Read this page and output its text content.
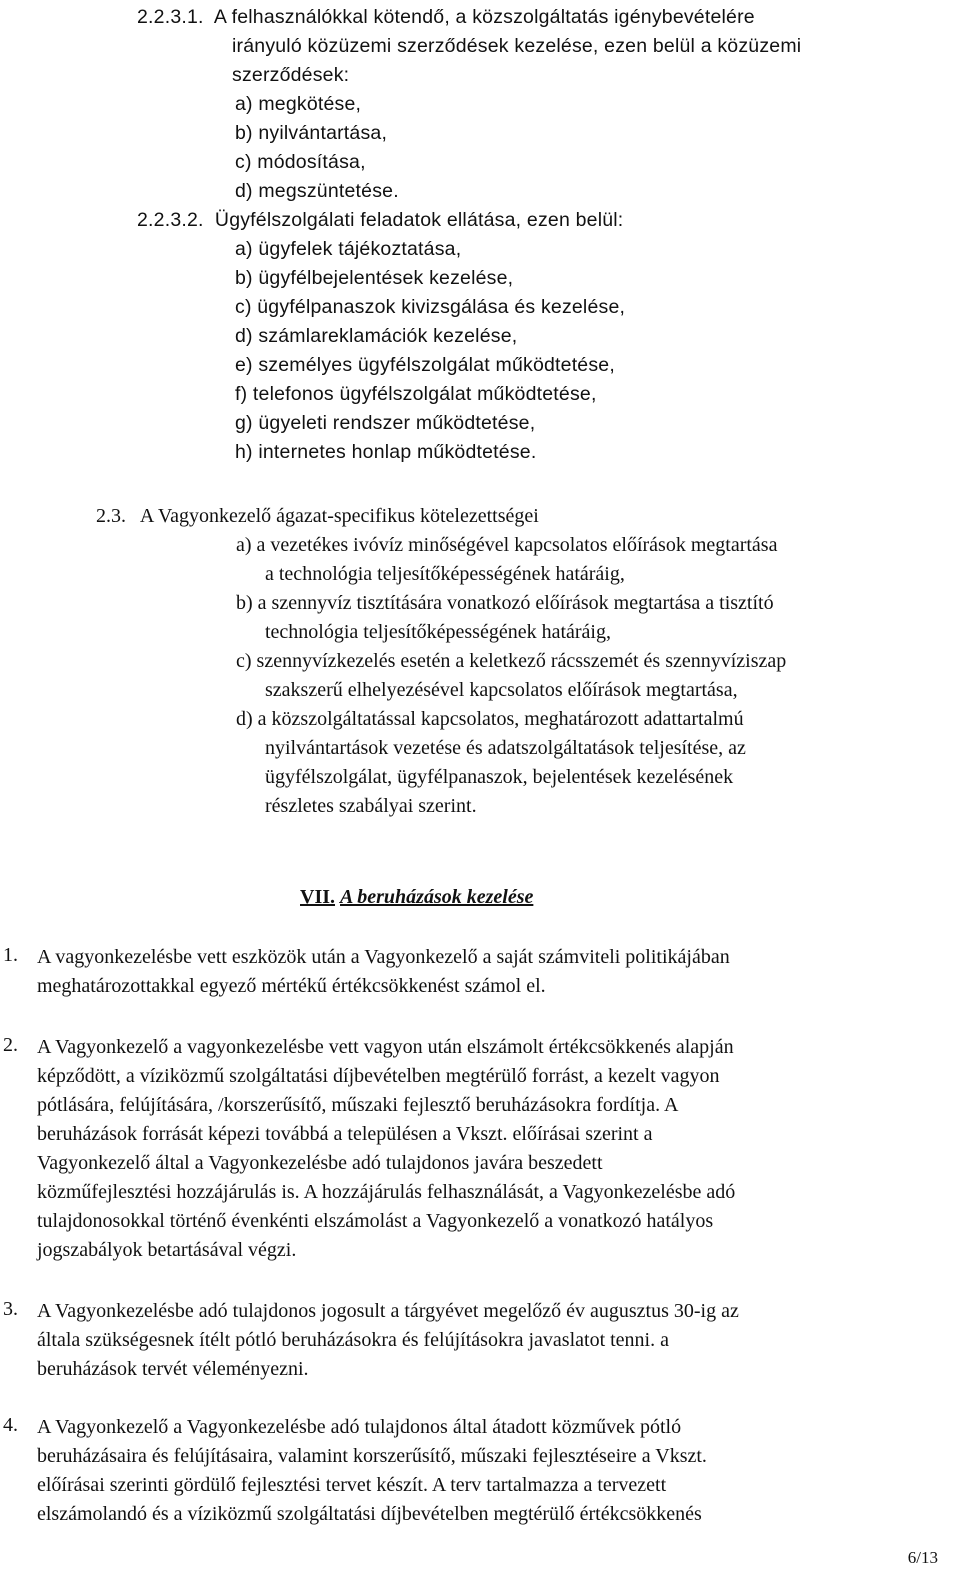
2.2.3.1. A felhasználókkal kötendő, a közszolgáltatás igénybevételére
irányuló közüzemi szerződések kezelése, ezen belül a közüzemi
szerződések:
a) megkötése,
b) nyilvántartása,
c) módosítása,
d) megszüntetése.
2.2.3.2. Ügyfélszolgálati feladatok ellátása, ezen belül:
a) ügyfelek tájékoztatása,
b) ügyfélbejelentések kezelése,
c) ügyfélpanaszok kivizsgálása és kezelése,
d) számlareklamációk kezelése,
e) személyes ügyfélszolgálat működtetése,
f) telefonos ügyfélszolgálat működtetése,
g) ügyeleti rendszer működtetése,
h) internetes honlap működtetése.
2.3. A Vagyonkezelő ágazat-specifikus kötelezettségei
a) a vezetékes ivóvíz minőségével kapcsolatos előírások megtartása
a technológia teljesítőképességének határáig,
b) a szennyvíz tisztítására vonatkozó előírások megtartása a tisztító
technológia teljesítőképességének határáig,
c) szennyvízkezelés esetén a keletkező rácsszemét és szennyvíziszap
szakszerű elhelyezésével kapcsolatos előírások megtartása,
d) a közszolgáltatással kapcsolatos, meghatározott adattartalmú
nyilvántartások vezetése és adatszolgáltatások teljesítése, az
ügyfélszolgálat, ügyfélpanaszok, bejelentések kezelésének
részletes szabályai szerint.
VII. A beruházások kezelése
1. A vagyonkezelésbe vett eszközök után a Vagyonkezelő a saját számviteli politikájában
meghatározottakkal egyező mértékű értékcsökkenést számol el.
2. A Vagyonkezelő a vagyonkezelésbe vett vagyon után elszámolt értékcsökkenés alapján
képződött, a víziközmű szolgáltatási díjbevételben megtérülő forrást, a kezelt vagyon
pótlására, felújítására, /korszerűsítő, műszaki fejlesztő beruházásokra fordítja. A
beruházások forrását képezi továbbá a településen a Vkszt. előírásai szerint a
Vagyonkezelő által a Vagyonkezelésbe adó tulajdonos javára beszedett
közműfejlesztési hozzájárulás is. A hozzájárulás felhasználását, a Vagyonkezelésbe adó
tulajdonosokkal történő évenkénti elszámolást a Vagyonkezelő a vonatkozó hatályos
jogszabályok betartásával végzi.
3. A Vagyonkezelésbe adó tulajdonos jogosult a tárgyévet megelőző év augusztus 30-ig az
általa szükségesnek ítélt pótló beruházásokra és felújításokra javaslatot tenni. a
beruházások tervét véleményezni.
4. A Vagyonkezelő a Vagyonkezelésbe adó tulajdonos által átadott közművek pótló
beruházásaira és felújításaira, valamint korszerűsítő, műszaki fejlesztéseire a Vkszt.
előírásai szerinti gördülő fejlesztési tervet készít. A terv tartalmazza a tervezett
elszámolandó és a víziközmű szolgáltatási díjbevételben megtérülő értékcsökkenés
6/13
